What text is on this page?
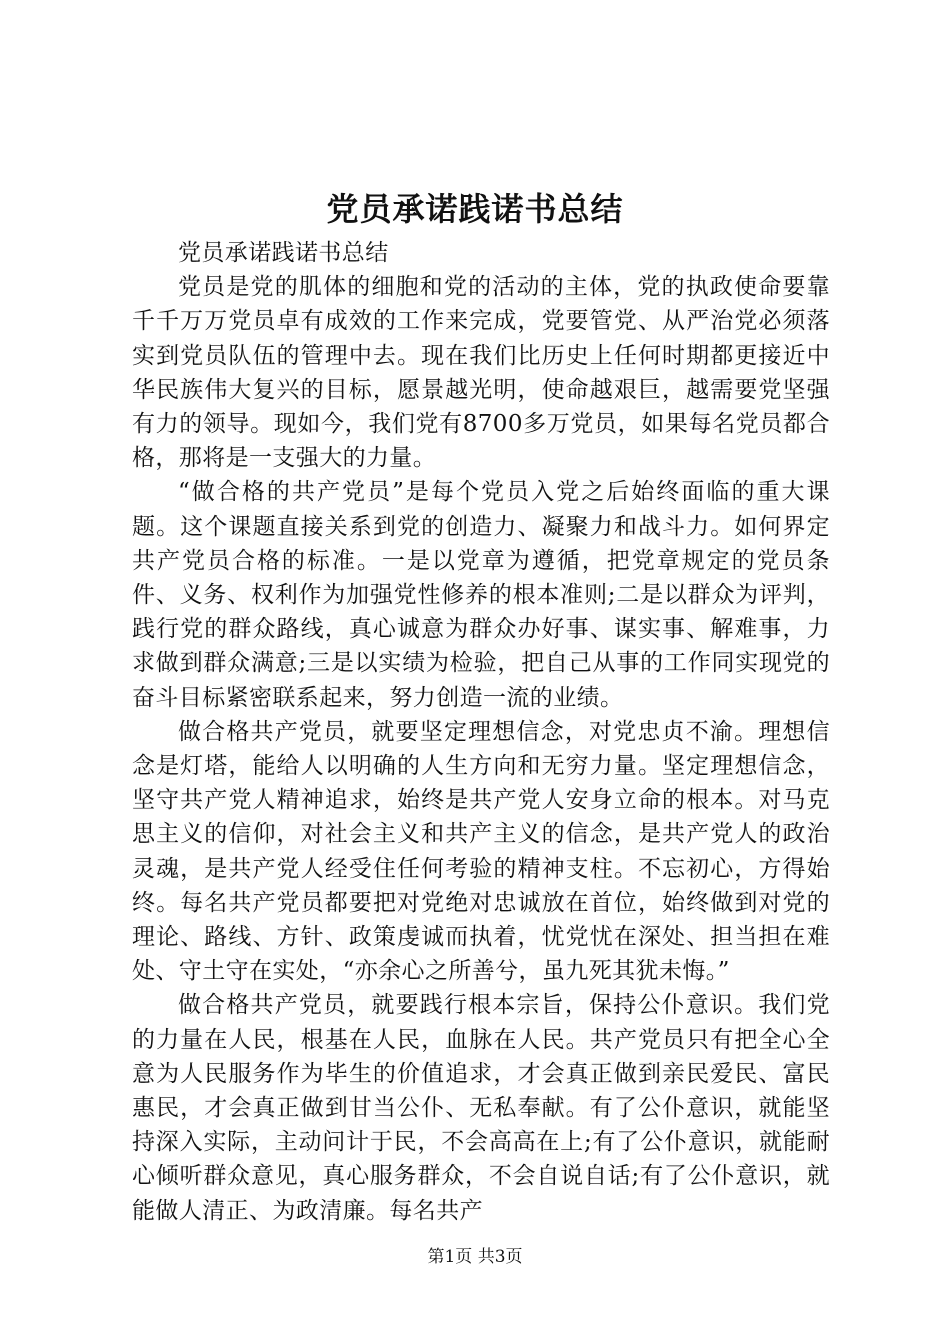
党员承诺践诺书总结

党员承诺践诺书总结

党员是党的肌体的细胞和党的活动的主体，党的执政使命要靠千千万万党员卓有成效的工作来完成，党要管党、从严治党必须落实到党员队伍的管理中去。现在我们比历史上任何时期都更接近中华民族伟大复兴的目标，愿景越光明，使命越艰巨，越需要党坚强有力的领导。现如今，我们党有8700多万党员，如果每名党员都合格，那将是一支强大的力量。

“做合格的共产党员”是每个党员入党之后始终面临的重大课题。这个课题直接关系到党的创造力、凝聚力和战斗力。如何界定共产党员合格的标准。一是以党章为遵循，把党章规定的党员条件、义务、权利作为加强党性修养的根本准则;二是以群众为评判，践行党的群众路线，真心诚意为群众办好事、谋实事、解难事，力求做到群众满意;三是以实绩为检验，把自己从事的工作同实现党的奋斗目标紧密联系起来，努力创造一流的业绩。

做合格共产党员，就要坚定理想信念，对党忠贞不渝。理想信念是灯塔，能给人以明确的人生方向和无穷力量。坚定理想信念，坚守共产党人精神追求，始终是共产党人安身立命的根本。对马克思主义的信仰，对社会主义和共产主义的信念，是共产党人的政治灵魂，是共产党人经受住任何考验的精神支柱。不忘初心，方得始终。每名共产党员都要把对党绝对忠诚放在首位，始终做到对党的理论、路线、方针、政策虔诚而执着，忧党忧在深处、担当担在难处、守土守在实处，“亦余心之所善兮，虽九死其犹未悔。”

做合格共产党员，就要践行根本宗旨，保持公仆意识。我们党的力量在人民，根基在人民，血脉在人民。共产党员只有把全心全意为人民服务作为毕生的价值追求，才会真正做到亲民爱民、富民惠民，才会真正做到甘当公仆、无私奉献。有了公仆意识，就能坚持深入实际，主动问计于民，不会高高在上;有了公仆意识，就能耐心倾听群众意见，真心服务群众，不会自说自话;有了公仆意识，就能做人清正、为政清廉。每名共产

第1页 共3页
